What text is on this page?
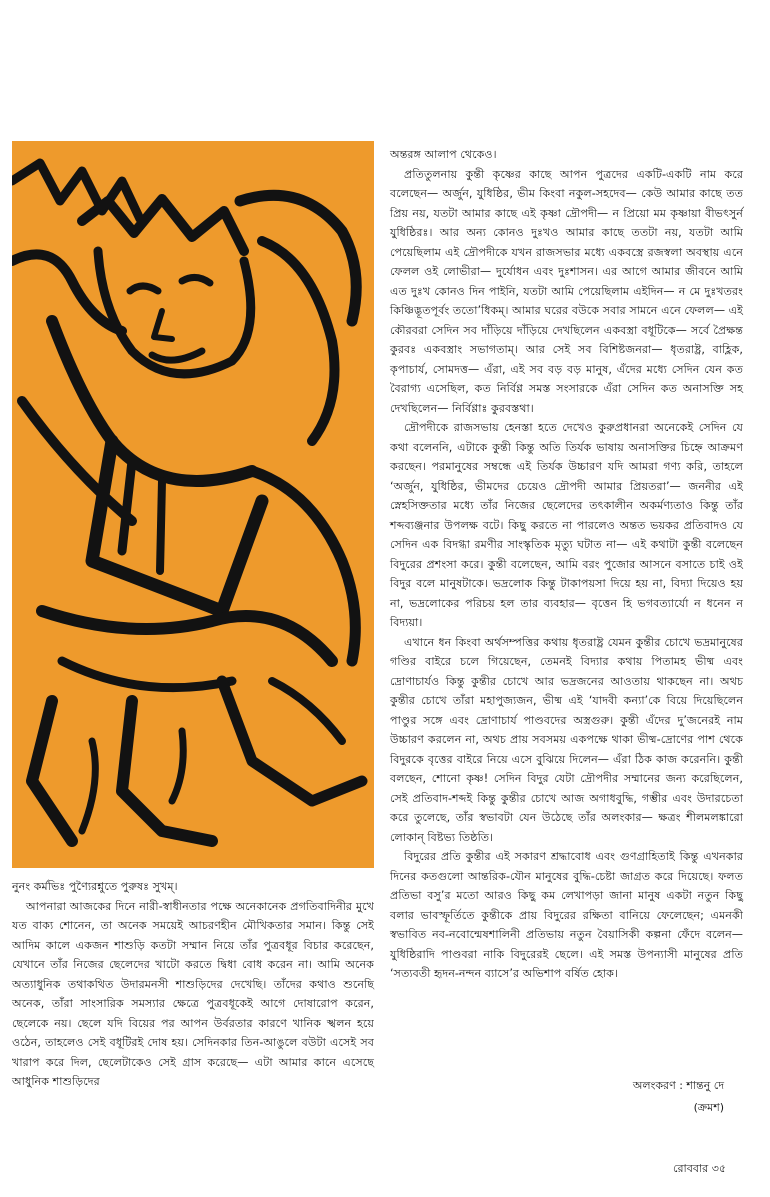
অন্তরঙ্গ আলাপ থেকেও।

প্রতিতুলনায় কুন্তী কৃষ্ণের কাছে আপন পুত্রদের একটি-একটি নাম করে বলেছেন— অর্জুন, যুধিষ্ঠির, ভীম কিংবা নকুল-সহদেব— কেউ আমার কাছে তত প্রিয় নয়, যতটা আমার কাছে এই কৃষ্ণা দ্রৌপদী— ন প্রিয়ো মম কৃষ্ণায়া বীভৎসুর্ন যুধিষ্ঠিরঃ। আর অন্য কোনও দুঃখও আমার কাছে ততটা নয়, যতটা আমি পেয়েছিলাম এই দ্রৌপদীকে যখন রাজসভার মধ্যে একবস্ত্রে রজস্বলা অবস্থায় এনে ফেলল ওই লোভীরা— দুর্যোধন এবং দুঃশাসন। এর আগে আমার জীবনে আমি এত দুঃখ কোনও দিন পাইনি, যতটা আমি পেয়েছিলাম এইদিন— ন মে দুঃখতরং কিঞ্চিদ্ভূতপূর্বং ততো’ধিকম্। আমার ঘরের বউকে সবার সামনে এনে ফেলল— এই কৌরবরা সেদিন সব দাঁড়িয়ে দাঁড়িয়ে দেখছিলেন একবস্ত্রা বধূটিকে— সর্বে প্রৈক্ষন্ত কুরবঃ একবস্ত্রাং সভাগতাম্। আর সেই সব বিশিষ্টজনরা— ধৃতরাষ্ট্র, বাহ্লিক, কৃপাচার্য, সোমদত্ত— এঁরা, এই সব বড় বড় মানুষ, এঁদের মধ্যে সেদিন যেন কত বৈরাগ্য এসেছিল, কত নির্বিণ্ণ সমস্ত সংসারকে এঁরা সেদিন কত অনাসক্তি সহ দেখছিলেন— নির্বিণ্ণাঃ কুরবস্তথা।

দ্রৌপদীকে রাজসভায় হেনস্তা হতে দেখেও কুরুপ্রধানরা অনেকেই সেদিন যে কথা বলেননি, এটাকে কুন্তী কিন্তু অতি তির্যক ভাষায় অনাসক্তির চিহ্নে আক্রমণ করছেন। পরমানুষের সম্বন্ধে এই তির্যক উচ্চারণ যদি আমরা গণ্য করি, তাহলে ‘অর্জুন, যুধিষ্ঠির, ভীমদের চেয়েও দ্রৌপদী আমার প্রিয়তরা’— জননীর এই স্নেহসিক্ততার মধ্যে তাঁর নিজের ছেলেদের তৎকালীন অকর্মণ্যতাও কিন্তু তাঁর শব্দব্যঞ্জনার উপলক্ষ বটে। কিছু করতে না পারলেও অন্তত ভয়কর প্রতিবাদও যে সেদিন এক বিদগ্ধা রমণীর সাংস্কৃতিক মৃত্যু ঘটাত না— এই কথাটা কুন্তী বলেছেন বিদুরের প্রশংসা করে। কুন্তী বলেছেন, আমি বরং পুজোর আসনে বসাতে চাই ওই বিদুর বলে মানুষটাকে। ভদ্রলোক কিন্তু টাকাপয়সা দিয়ে হয় না, বিদ্যা দিয়েও হয় না, ভদ্রলোকের পরিচয় হল তার ব্যবহার— বৃত্তেন হি ভগবত্যার্যো ন ধনেন ন বিদ্যয়া।

এখানে ধন কিংবা অর্থসম্পত্তির কথায় ধৃতরাষ্ট্র যেমন কুন্তীর চোখে ভদ্রমানুষের গণ্ডির বাইরে চলে গিয়েছেন, তেমনই বিদ্যার কথায় পিতামহ ভীষ্ম এবং দ্রোণাচার্যও কিন্তু কুন্তীর চোখে আর ভদ্রজনের আওতায় থাকছেন না। অথচ কুন্তীর চোখে তাঁরা মহাপুজ্যজন, ভীষ্ম এই ‘যাদবী কন্যা’কে বিয়ে দিয়েছিলেন পাণ্ডুর সঙ্গে এবং দ্রোণাচার্য পাণ্ডবদের অস্ত্রগুরু। কুন্তী এঁদের দু’জনেরই নাম উচ্চারণ করলেন না, অথচ প্রায় সবসময় একপক্ষে থাকা ভীষ্ম-দ্রোণের পাশ থেকে বিদুরকে বৃত্তের বাইরে নিয়ে এসে বুঝিয়ে দিলেন— এঁরা ঠিক কাজ করেননি। কুন্তী বলছেন, শোনো কৃষ্ণ! সেদিন বিদুর যেটা দ্রৌপদীর সম্মানের জন্য করেছিলেন, সেই প্রতিবাদ-শব্দই কিন্তু কুন্তীর চোখে আজ অগাধবুদ্ধি, গম্ভীর এবং উদারচেতা করে তুলেছে, তাঁর স্বভাবটা যেন উঠেছে তাঁর অলংকার— ক্ষত্রং শীলমলঙ্কারো লোকান্ বিষ্টভ্য তিষ্ঠতি।

বিদুরের প্রতি কুন্তীর এই সকারণ শ্রদ্ধাবোধ এবং গুণগ্রাহিতাই কিন্তু এখনকার দিনের কতগুলো আন্তরিক-যৌন মানুষের বুদ্ধি-চেষ্টা জাগ্রত করে দিয়েছে। ফলত প্রতিভা বসু’র মতো আরও কিছু কম লেখাপড়া জানা মানুষ একটা নতুন কিছু বলার ভাবস্ফূর্তিতে কুন্তীকে প্রায় বিদুরের রক্ষিতা বানিয়ে ফেলেছেন; এমনকী স্বভাবিত নব-নবোন্মেষশালিনী প্রতিভায় নতুন বৈয়াসিকী কল্পনা ফেঁদে বলেন— যুধিষ্ঠিরাদি পাণ্ডবরা নাকি বিদুরেরই ছেলে। এই সমস্ত উপন্যাসী মানুষের প্রতি ‘সত্যবতী হৃদন-নন্দন ব্যাসে’র অভিশাপ বর্ষিত হোক।

নুনং কর্মভিঃ পুণ্যৈরশ্নুতে পুরুষঃ সুখম্।

আপনারা আজকের দিনে নারী-স্বাধীনতার পক্ষে অনেকানেক প্রগতিবাদিনীর মুখে যত বাক্য শোনেন, তা অনেক সময়েই আচরণহীন মৌখিকতার সমান। কিন্তু সেই আদিম কালে একজন শাশুড়ি কতটা সম্মান নিয়ে তাঁর পুত্রবধূর বিচার করেছেন, যেখানে তাঁর নিজের ছেলেদের খাটো করতে দ্বিধা বোধ করেন না। আমি অনেক অত্যাধুনিক তথাকথিত উদারমনসী শাশুড়িদের দেখেছি। তাঁদের কথাও শুনেছি অনেক, তাঁরা সাংসারিক সমস্যার ক্ষেত্রে পুত্রবধূকেই আগে দোষারোপ করেন, ছেলেকে নয়। ছেলে যদি বিয়ের পর আপন উর্বরতার কারণে খানিক স্খলন হয়ে ওঠেন, তাহলেও সেই বধূটিরই দোষ হয়। সেদিনকার তিন-আঙুলে বউটা এসেই সব খারাপ করে দিল, ছেলেটাকেও সেই গ্রাস করেছে— এটা আমার কানে এসেছে আধুনিক শাশুড়িদের	অলংকরণ : শান্তনু দে
(ক্রমশ)
রোববার ৩৫
